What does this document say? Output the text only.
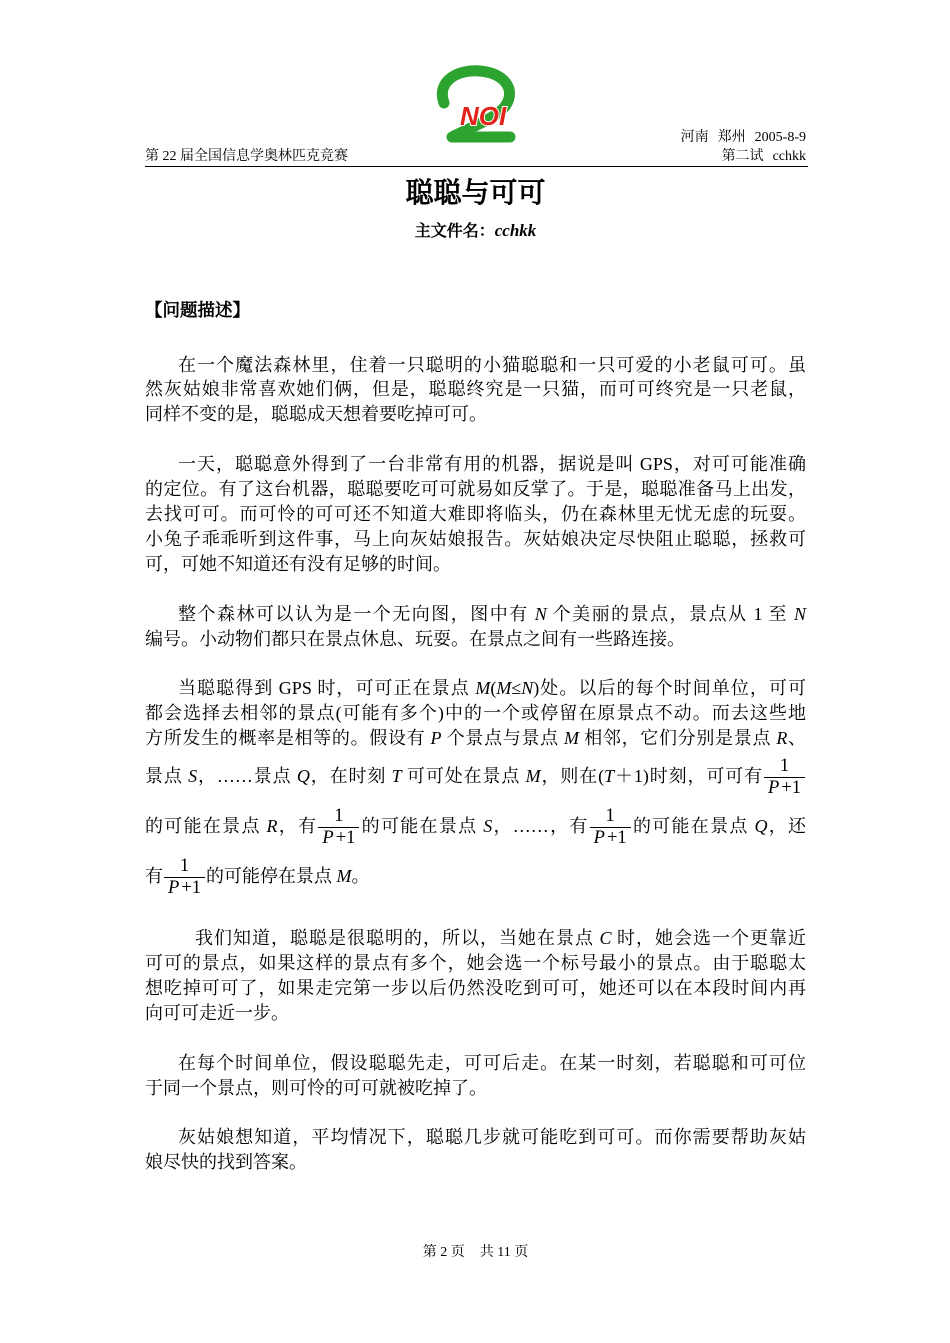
NOI
河南 郑州 2005-8-9
第二试 cchkk
第 22 届全国信息学奥林匹克竞赛
聪聪与可可
主文件名：cchkk
【问题描述】
在一个魔法森林里，住着一只聪明的小猫聪聪和一只可爱的小老鼠可可。虽
然灰姑娘非常喜欢她们俩，但是，聪聪终究是一只猫，而可可终究是一只老鼠，
同样不变的是，聪聪成天想着要吃掉可可。
一天，聪聪意外得到了一台非常有用的机器，据说是叫 GPS，对可可能准确
的定位。有了这台机器，聪聪要吃可可就易如反掌了。于是，聪聪准备马上出发，
去找可可。而可怜的可可还不知道大难即将临头，仍在森林里无忧无虑的玩耍。
小兔子乖乖听到这件事，马上向灰姑娘报告。灰姑娘决定尽快阻止聪聪，拯救可
可，可她不知道还有没有足够的时间。
整个森林可以认为是一个无向图，图中有 N 个美丽的景点，景点从 1 至 N
编号。小动物们都只在景点休息、玩耍。在景点之间有一些路连接。
当聪聪得到 GPS 时，可可正在景点 M(M≤N)处。以后的每个时间单位，可可
都会选择去相邻的景点(可能有多个)中的一个或停留在原景点不动。而去这些地
方所发生的概率是相等的。假设有 P 个景点与景点 M 相邻，它们分别是景点 R、
景点 S，……景点 Q，在时刻 T 可可处在景点 M，则在(T＋1)时刻，可可有 $\frac{1}{P +1}$
的可能在景点 R，有 $\frac{1}{P +1}$ 的可能在景点 S，……，有 $\frac{1}{P +1}$ 的可能在景点 Q，还
有 $\frac{1}{P +1}$ 的可能停在景点 M。
我们知道，聪聪是很聪明的，所以，当她在景点 C 时，她会选一个更靠近
可可的景点，如果这样的景点有多个，她会选一个标号最小的景点。由于聪聪太
想吃掉可可了，如果走完第一步以后仍然没吃到可可，她还可以在本段时间内再
向可可走近一步。
在每个时间单位，假设聪聪先走，可可后走。在某一时刻，若聪聪和可可位
于同一个景点，则可怜的可可就被吃掉了。
灰姑娘想知道，平均情况下，聪聪几步就可能吃到可可。而你需要帮助灰姑
娘尽快的找到答案。
第 2 页 共 11 页
